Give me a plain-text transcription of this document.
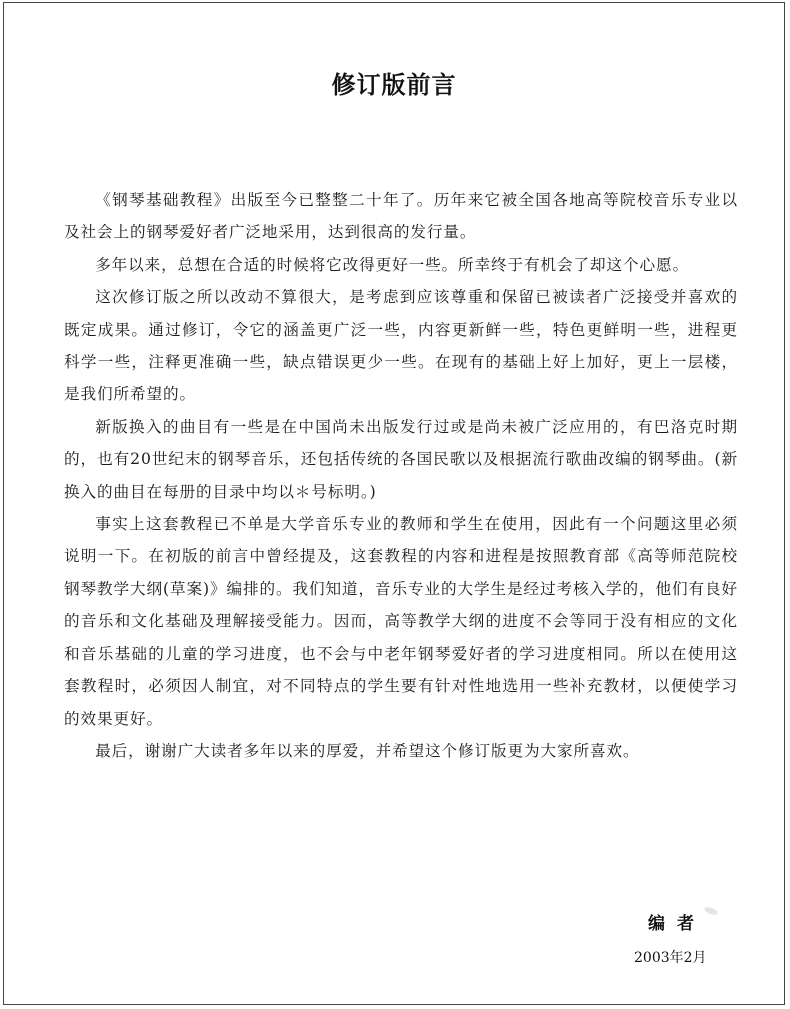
修订版前言

《钢琴基础教程》出版至今已整整二十年了。历年来它被全国各地高等院校音乐专业以及社会上的钢琴爱好者广泛地采用，达到很高的发行量。

多年以来，总想在合适的时候将它改得更好一些。所幸终于有机会了却这个心愿。

这次修订版之所以改动不算很大，是考虑到应该尊重和保留已被读者广泛接受并喜欢的既定成果。通过修订，令它的涵盖更广泛一些，内容更新鲜一些，特色更鲜明一些，进程更科学一些，注释更准确一些，缺点错误更少一些。在现有的基础上好上加好，更上一层楼，是我们所希望的。

新版换入的曲目有一些是在中国尚未出版发行过或是尚未被广泛应用的，有巴洛克时期的，也有20世纪末的钢琴音乐，还包括传统的各国民歌以及根据流行歌曲改编的钢琴曲。(新换入的曲目在每册的目录中均以＊号标明。)

事实上这套教程已不单是大学音乐专业的教师和学生在使用，因此有一个问题这里必须说明一下。在初版的前言中曾经提及，这套教程的内容和进程是按照教育部《高等师范院校钢琴教学大纲(草案)》编排的。我们知道，音乐专业的大学生是经过考核入学的，他们有良好的音乐和文化基础及理解接受能力。因而，高等教学大纲的进度不会等同于没有相应的文化和音乐基础的儿童的学习进度，也不会与中老年钢琴爱好者的学习进度相同。所以在使用这套教程时，必须因人制宜，对不同特点的学生要有针对性地选用一些补充教材，以便使学习的效果更好。

最后，谢谢广大读者多年以来的厚爱，并希望这个修订版更为大家所喜欢。

编者
2003年2月
